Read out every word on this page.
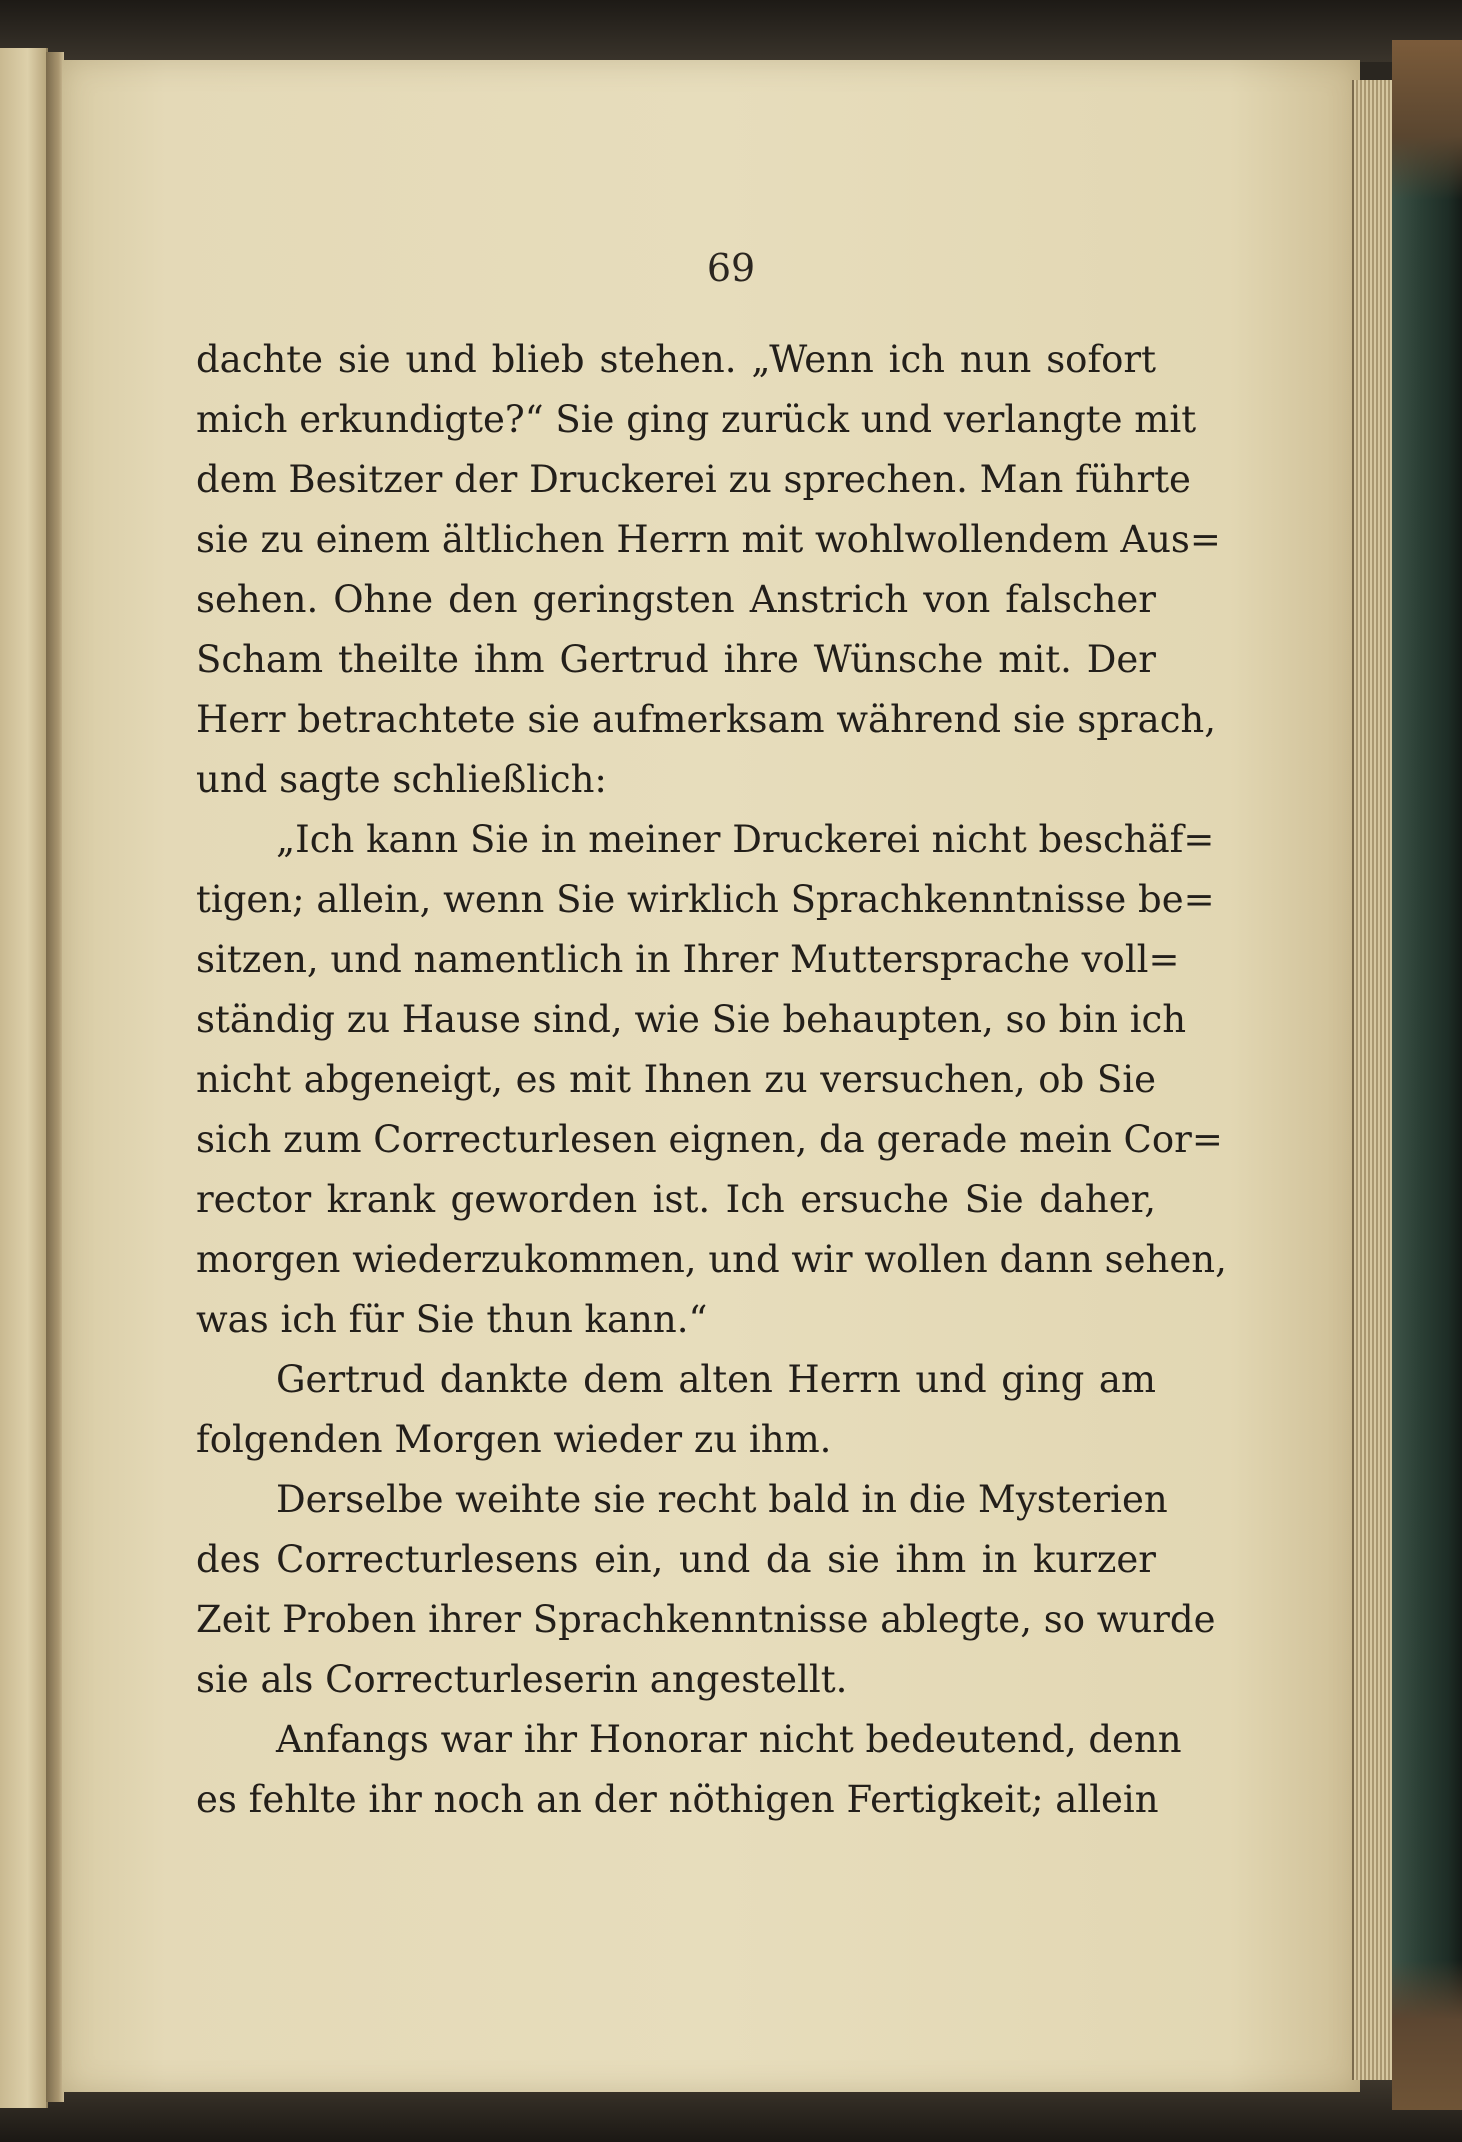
69
dachte sie und blieb stehen. „Wenn ich nun sofort
mich erkundigte?“ Sie ging zurück und verlangte mit
dem Besitzer der Druckerei zu sprechen. Man führte
sie zu einem ältlichen Herrn mit wohlwollendem Aus=
sehen. Ohne den geringsten Anstrich von falscher
Scham theilte ihm Gertrud ihre Wünsche mit. Der
Herr betrachtete sie aufmerksam während sie sprach,
und sagte schließlich:
„Ich kann Sie in meiner Druckerei nicht beschäf=
tigen; allein, wenn Sie wirklich Sprachkenntnisse be=
sitzen, und namentlich in Ihrer Muttersprache voll=
ständig zu Hause sind, wie Sie behaupten, so bin ich
nicht abgeneigt, es mit Ihnen zu versuchen, ob Sie
sich zum Correcturlesen eignen, da gerade mein Cor=
rector krank geworden ist. Ich ersuche Sie daher,
morgen wiederzukommen, und wir wollen dann sehen,
was ich für Sie thun kann.“
Gertrud dankte dem alten Herrn und ging am
folgenden Morgen wieder zu ihm.
Derselbe weihte sie recht bald in die Mysterien
des Correcturlesens ein, und da sie ihm in kurzer
Zeit Proben ihrer Sprachkenntnisse ablegte, so wurde
sie als Correcturleserin angestellt.
Anfangs war ihr Honorar nicht bedeutend, denn
es fehlte ihr noch an der nöthigen Fertigkeit; allein
